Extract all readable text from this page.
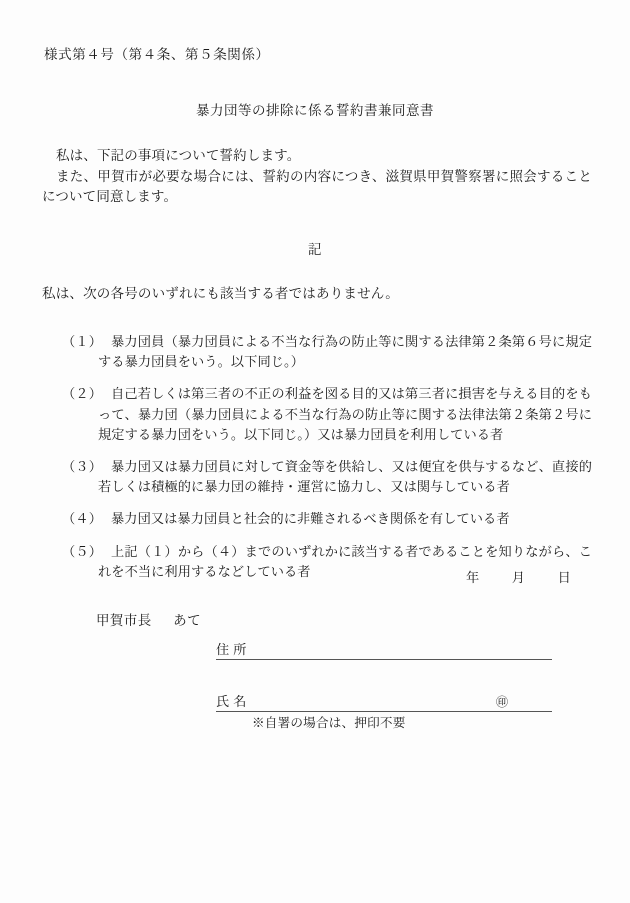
様式第４号（第４条、第５条関係）
暴力団等の排除に係る誓約書兼同意書
私は、下記の事項について誓約します。
また、甲賀市が必要な場合には、誓約の内容につき、滋賀県甲賀警察署に照会することについて同意します。
記
私は、次の各号のいずれにも該当する者ではありません。
（１） 暴力団員（暴力団員による不当な行為の防止等に関する法律第２条第６号に規定する暴力団員をいう。以下同じ。）
（２） 自己若しくは第三者の不正の利益を図る目的又は第三者に損害を与える目的をもって、暴力団（暴力団員による不当な行為の防止等に関する法律法第２条第２号に規定する暴力団をいう。以下同じ。）又は暴力団員を利用している者
（３） 暴力団又は暴力団員に対して資金等を供給し、又は便宜を供与するなど、直接的若しくは積極的に暴力団の維持・運営に協力し、又は関与している者
（４） 暴力団又は暴力団員と社会的に非難されるべき関係を有している者
（５） 上記（１）から（４）までのいずれかに該当する者であることを知りながら、これを不当に利用するなどしている者	年 月 日
甲賀市長 あて
住 所
氏 名	㊞
※自署の場合は、押印不要
